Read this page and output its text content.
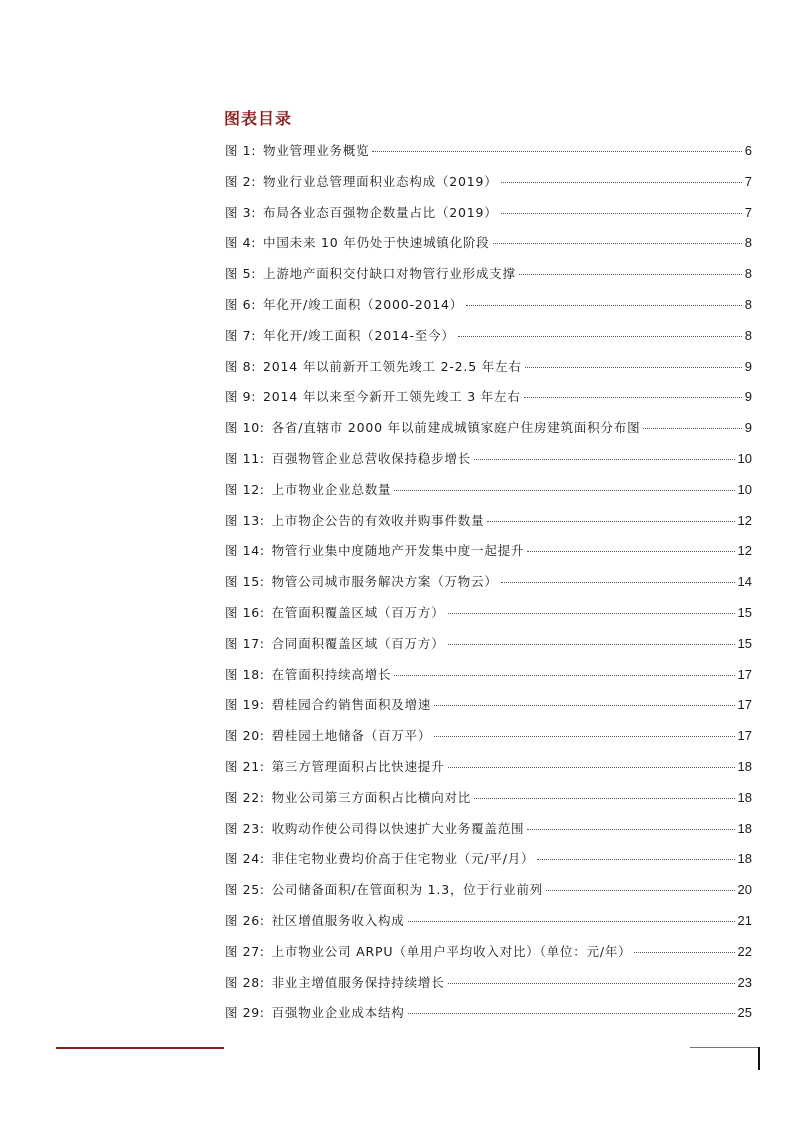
图表目录
图 1: 物业管理业务概览	6
图 2: 物业行业总管理面积业态构成（2019）	7
图 3: 布局各业态百强物企数量占比（2019）	7
图 4: 中国未来 10 年仍处于快速城镇化阶段	8
图 5: 上游地产面积交付缺口对物管行业形成支撑	8
图 6: 年化开/竣工面积（2000-2014）	8
图 7: 年化开/竣工面积（2014-至今）	8
图 8: 2014 年以前新开工领先竣工 2-2.5 年左右	9
图 9: 2014 年以来至今新开工领先竣工 3 年左右	9
图 10: 各省/直辖市 2000 年以前建成城镇家庭户住房建筑面积分布图	9
图 11: 百强物管企业总营收保持稳步增长	10
图 12: 上市物业企业总数量	10
图 13: 上市物企公告的有效收并购事件数量	12
图 14: 物管行业集中度随地产开发集中度一起提升	12
图 15: 物管公司城市服务解决方案（万物云）	14
图 16: 在管面积覆盖区域（百万方）	15
图 17: 合同面积覆盖区域（百万方）	15
图 18: 在管面积持续高增长	17
图 19: 碧桂园合约销售面积及增速	17
图 20: 碧桂园土地储备（百万平）	17
图 21: 第三方管理面积占比快速提升	18
图 22: 物业公司第三方面积占比横向对比	18
图 23: 收购动作使公司得以快速扩大业务覆盖范围	18
图 24: 非住宅物业费均价高于住宅物业（元/平/月）	18
图 25: 公司储备面积/在管面积为 1.3，位于行业前列	20
图 26: 社区增值服务收入构成	21
图 27: 上市物业公司 ARPU（单用户平均收入对比）（单位：元/年）	22
图 28: 非业主增值服务保持持续增长	23
图 29: 百强物业企业成本结构	25
